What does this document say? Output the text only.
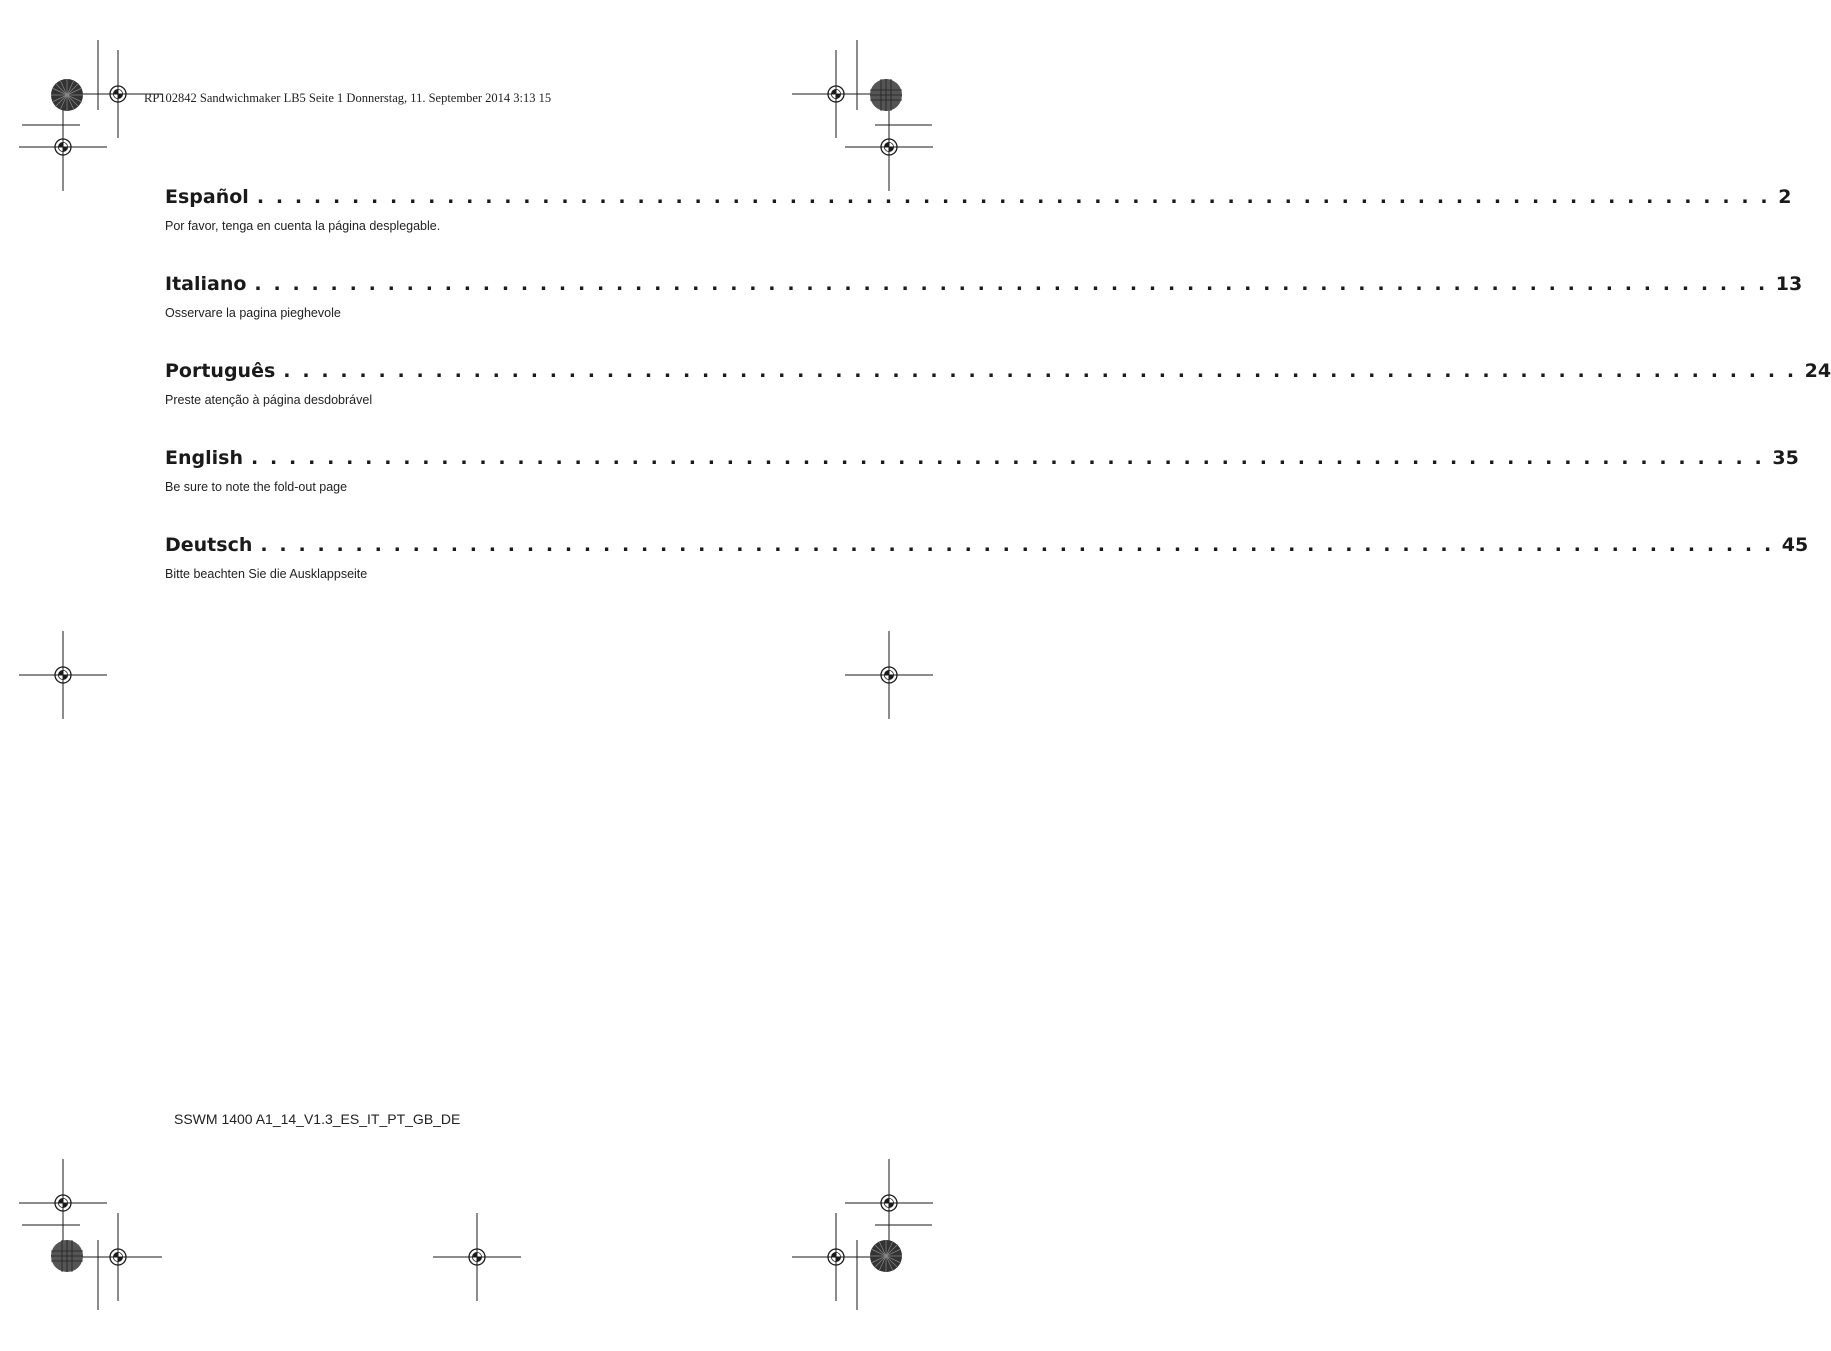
RP102842 Sandwichmaker LB5 Seite 1 Donnerstag, 11. September 2014 3:13 15
Español . . . . . . . . . . . . . . . . . . . . . . . . . . . . . . . . . . . . . . . . . . . . . . . . . . . . . . . . . . . . . . . . . . . . . . . . . . . . . . . . 2
Por favor, tenga en cuenta la página desplegable.
Italiano . . . . . . . . . . . . . . . . . . . . . . . . . . . . . . . . . . . . . . . . . . . . . . . . . . . . . . . . . . . . . . . . . . . . . . . . . . . . . . . . 13
Osservare la pagina pieghevole
Português . . . . . . . . . . . . . . . . . . . . . . . . . . . . . . . . . . . . . . . . . . . . . . . . . . . . . . . . . . . . . . . . . . . . . . . . . . . . . . . . 24
Preste atenção à página desdobrável
English . . . . . . . . . . . . . . . . . . . . . . . . . . . . . . . . . . . . . . . . . . . . . . . . . . . . . . . . . . . . . . . . . . . . . . . . . . . . . . . . 35
Be sure to note the fold-out page
Deutsch . . . . . . . . . . . . . . . . . . . . . . . . . . . . . . . . . . . . . . . . . . . . . . . . . . . . . . . . . . . . . . . . . . . . . . . . . . . . . . . . 45
Bitte beachten Sie die Ausklappseite
SSWM 1400 A1_14_V1.3_ES_IT_PT_GB_DE
